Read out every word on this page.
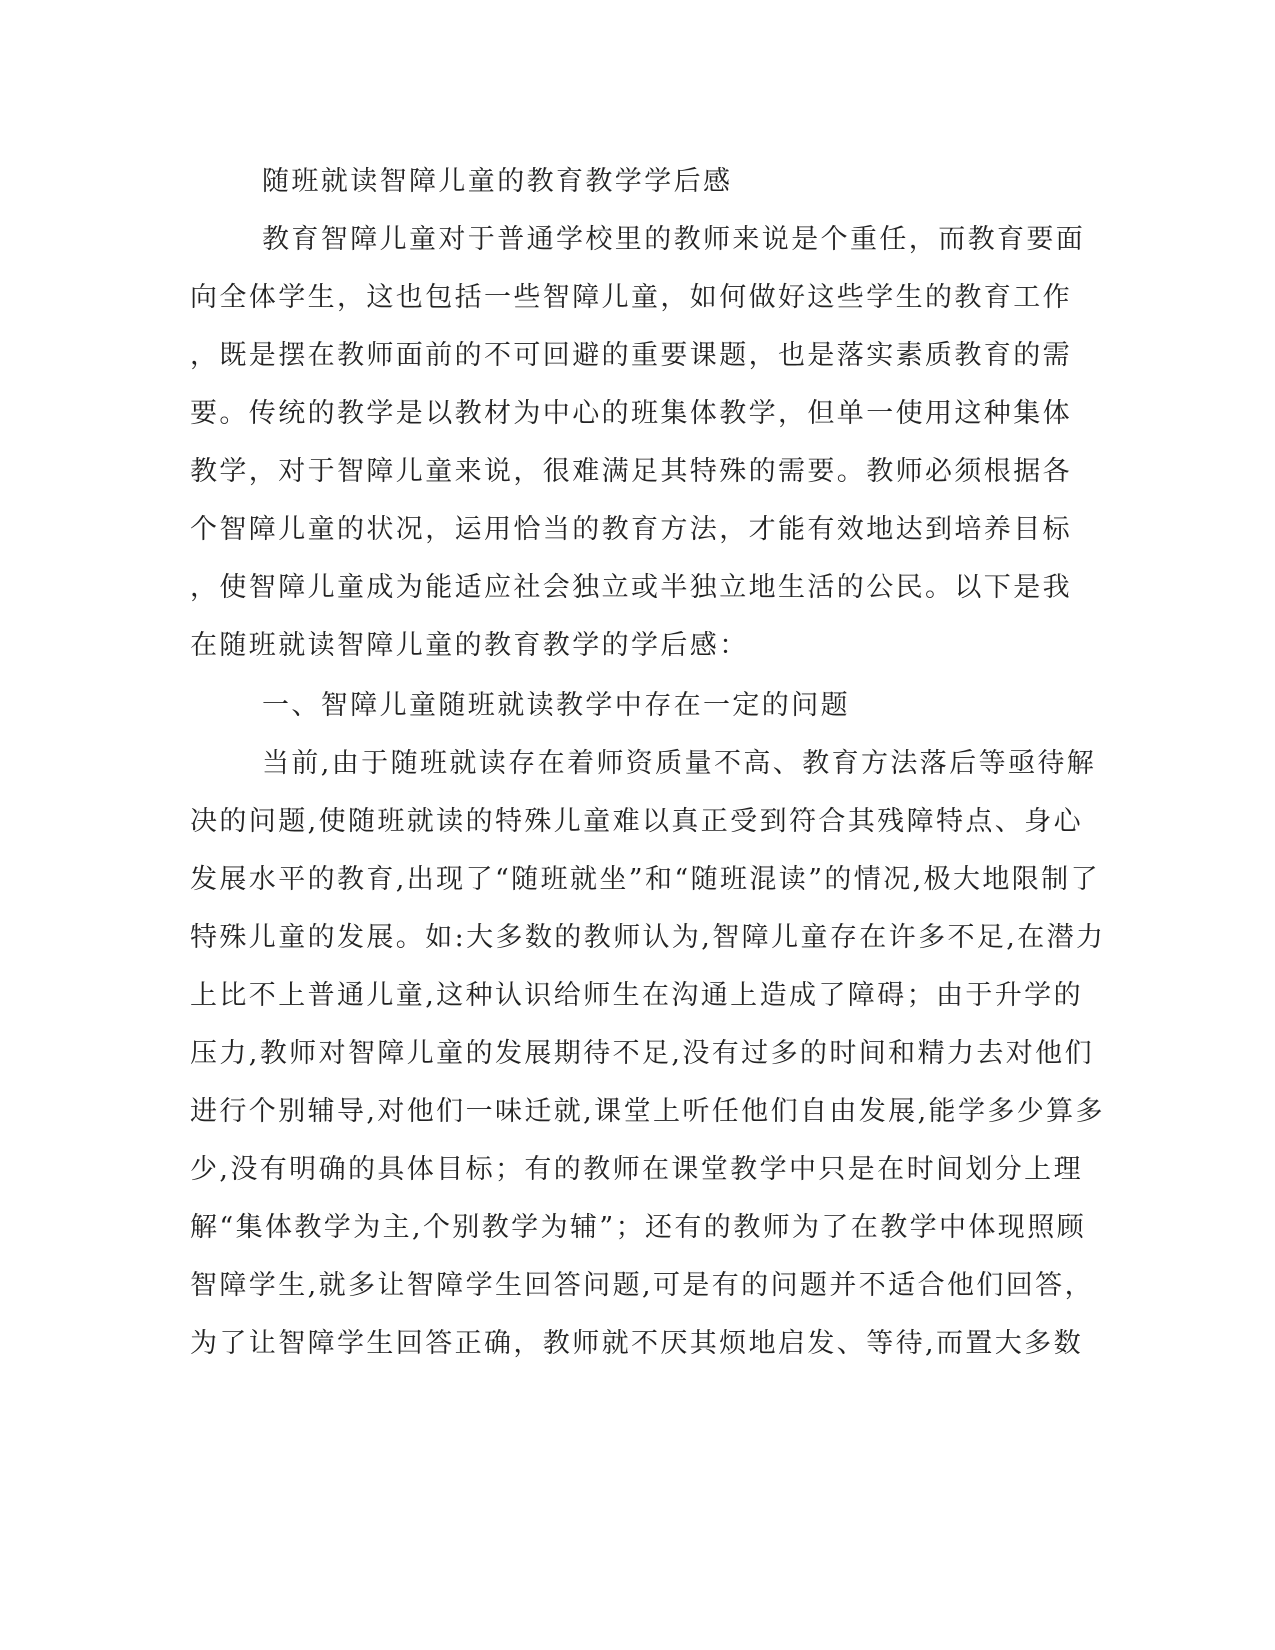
随班就读智障儿童的教育教学学后感
教育智障儿童对于普通学校里的教师来说是个重任，而教育要面
向全体学生，这也包括一些智障儿童，如何做好这些学生的教育工作
，既是摆在教师面前的不可回避的重要课题，也是落实素质教育的需
要。传统的教学是以教材为中心的班集体教学，但单一使用这种集体
教学，对于智障儿童来说，很难满足其特殊的需要。教师必须根据各
个智障儿童的状况，运用恰当的教育方法，才能有效地达到培养目标
，使智障儿童成为能适应社会独立或半独立地生活的公民。以下是我
在随班就读智障儿童的教育教学的学后感：
一、智障儿童随班就读教学中存在一定的问题
当前,由于随班就读存在着师资质量不高、教育方法落后等亟待解
决的问题,使随班就读的特殊儿童难以真正受到符合其残障特点、身心
发展水平的教育,出现了“随班就坐”和“随班混读”的情况,极大地限制了
特殊儿童的发展。如:大多数的教师认为,智障儿童存在许多不足,在潜力
上比不上普通儿童,这种认识给师生在沟通上造成了障碍；由于升学的
压力,教师对智障儿童的发展期待不足,没有过多的时间和精力去对他们
进行个别辅导,对他们一味迁就,课堂上听任他们自由发展,能学多少算多
少,没有明确的具体目标；有的教师在课堂教学中只是在时间划分上理
解“集体教学为主,个别教学为辅”；还有的教师为了在教学中体现照顾
智障学生,就多让智障学生回答问题,可是有的问题并不适合他们回答，
为了让智障学生回答正确，教师就不厌其烦地启发、等待,而置大多数
